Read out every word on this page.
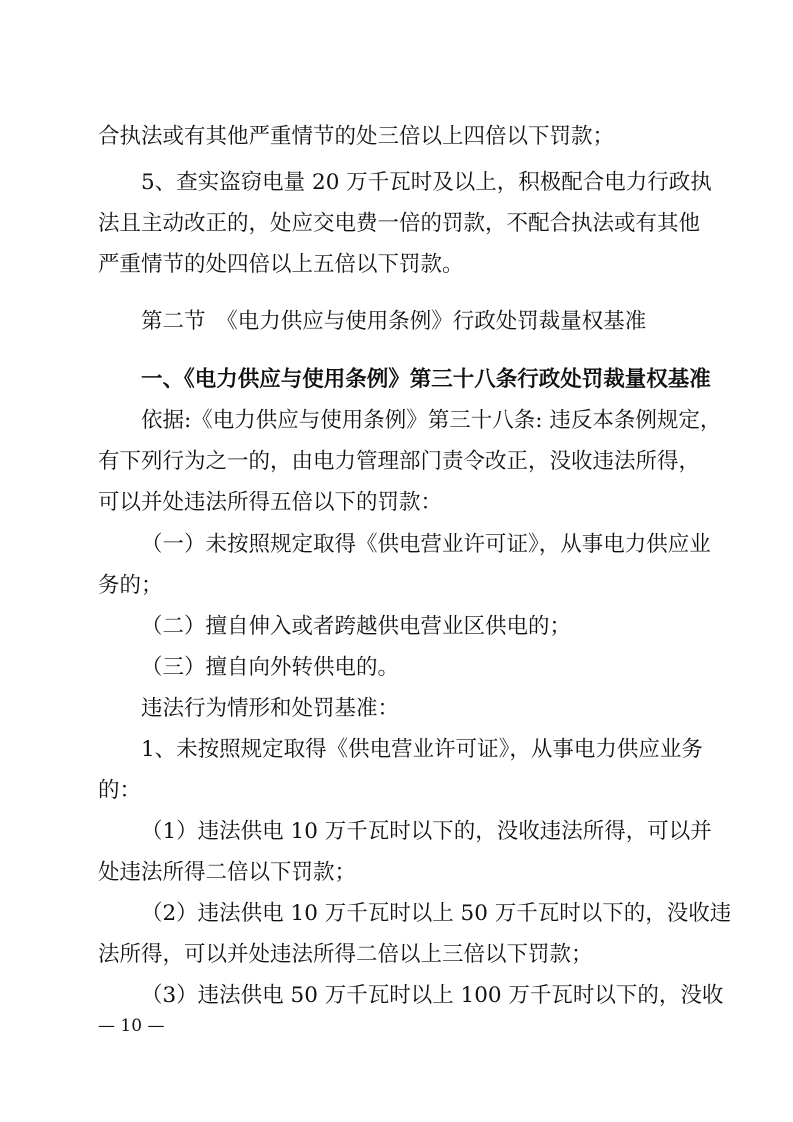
合执法或有其他严重情节的处三倍以上四倍以下罚款；
5、查实盗窃电量 20 万千瓦时及以上，积极配合电力行政执
法且主动改正的，处应交电费一倍的罚款，不配合执法或有其他
严重情节的处四倍以上五倍以下罚款。
第二节　《电力供应与使用条例》行政处罚裁量权基准
一、《电力供应与使用条例》第三十八条行政处罚裁量权基准
依据:《电力供应与使用条例》第三十八条: 违反本条例规定，
有下列行为之一的，由电力管理部门责令改正，没收违法所得，
可以并处违法所得五倍以下的罚款：
（一）未按照规定取得《供电营业许可证》，从事电力供应业
务的；
（二）擅自伸入或者跨越供电营业区供电的；
（三）擅自向外转供电的。
违法行为情形和处罚基准：
1、未按照规定取得《供电营业许可证》，从事电力供应业务
的：
（1）违法供电 10 万千瓦时以下的，没收违法所得，可以并
处违法所得二倍以下罚款；
（2）违法供电 10 万千瓦时以上 50 万千瓦时以下的，没收违
法所得，可以并处违法所得二倍以上三倍以下罚款；
（3）违法供电 50 万千瓦时以上 100 万千瓦时以下的，没收
— 10 —
